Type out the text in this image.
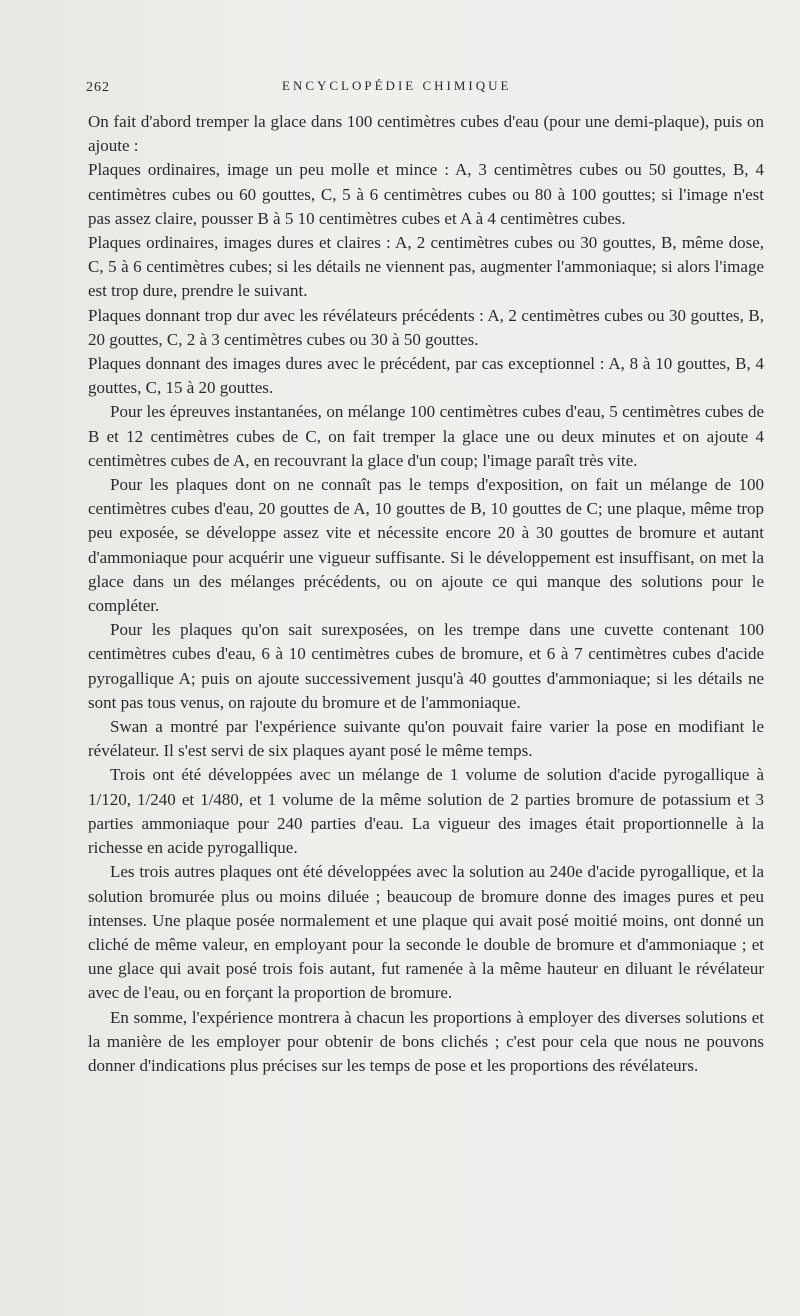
262	ENCYCLOPÉDIE CHIMIQUE

On fait d'abord tremper la glace dans 100 centimètres cubes d'eau (pour une demi-plaque), puis on ajoute :

Plaques ordinaires, image un peu molle et mince : A, 3 centimètres cubes ou 50 gouttes, B, 4 centimètres cubes ou 60 gouttes, C, 5 à 6 centimètres cubes ou 80 à 100 gouttes; si l'image n'est pas assez claire, pousser B à 5 10 centimètres cubes et A à 4 centimètres cubes.

Plaques ordinaires, images dures et claires : A, 2 centimètres cubes ou 30 gouttes, B, même dose, C, 5 à 6 centimètres cubes; si les détails ne viennent pas, augmenter l'ammoniaque; si alors l'image est trop dure, prendre le suivant.

Plaques donnant trop dur avec les révélateurs précédents : A, 2 centimètres cubes ou 30 gouttes, B, 20 gouttes, C, 2 à 3 centimètres cubes ou 30 à 50 gouttes.

Plaques donnant des images dures avec le précédent, par cas exceptionnel : A, 8 à 10 gouttes, B, 4 gouttes, C, 15 à 20 gouttes.

Pour les épreuves instantanées, on mélange 100 centimètres cubes d'eau, 5 centimètres cubes de B et 12 centimètres cubes de C, on fait tremper la glace une ou deux minutes et on ajoute 4 centimètres cubes de A, en recouvrant la glace d'un coup; l'image paraît très vite.

Pour les plaques dont on ne connaît pas le temps d'exposition, on fait un mélange de 100 centimètres cubes d'eau, 20 gouttes de A, 10 gouttes de B, 10 gouttes de C; une plaque, même trop peu exposée, se développe assez vite et nécessite encore 20 à 30 gouttes de bromure et autant d'ammoniaque pour acquérir une vigueur suffisante. Si le développement est insuffisant, on met la glace dans un des mélanges précédents, ou on ajoute ce qui manque des solutions pour le compléter.

Pour les plaques qu'on sait surexposées, on les trempe dans une cuvette contenant 100 centimètres cubes d'eau, 6 à 10 centimètres cubes de bromure, et 6 à 7 centimètres cubes d'acide pyrogallique A; puis on ajoute successivement jusqu'à 40 gouttes d'ammoniaque; si les détails ne sont pas tous venus, on rajoute du bromure et de l'ammoniaque.

Swan a montré par l'expérience suivante qu'on pouvait faire varier la pose en modifiant le révélateur. Il s'est servi de six plaques ayant posé le même temps.

Trois ont été développées avec un mélange de 1 volume de solution d'acide pyrogallique à 1/120, 1/240 et 1/480, et 1 volume de la même solution de 2 parties bromure de potassium et 3 parties ammoniaque pour 240 parties d'eau. La vigueur des images était proportionnelle à la richesse en acide pyrogallique.

Les trois autres plaques ont été développées avec la solution au 240e d'acide pyrogallique, et la solution bromurée plus ou moins diluée ; beaucoup de bromure donne des images pures et peu intenses. Une plaque posée normalement et une plaque qui avait posé moitié moins, ont donné un cliché de même valeur, en employant pour la seconde le double de bromure et d'ammoniaque ; et une glace qui avait posé trois fois autant, fut ramenée à la même hauteur en diluant le révélateur avec de l'eau, ou en forçant la proportion de bromure.

En somme, l'expérience montrera à chacun les proportions à employer des diverses solutions et la manière de les employer pour obtenir de bons clichés ; c'est pour cela que nous ne pouvons donner d'indications plus précises sur les temps de pose et les proportions des révélateurs.
